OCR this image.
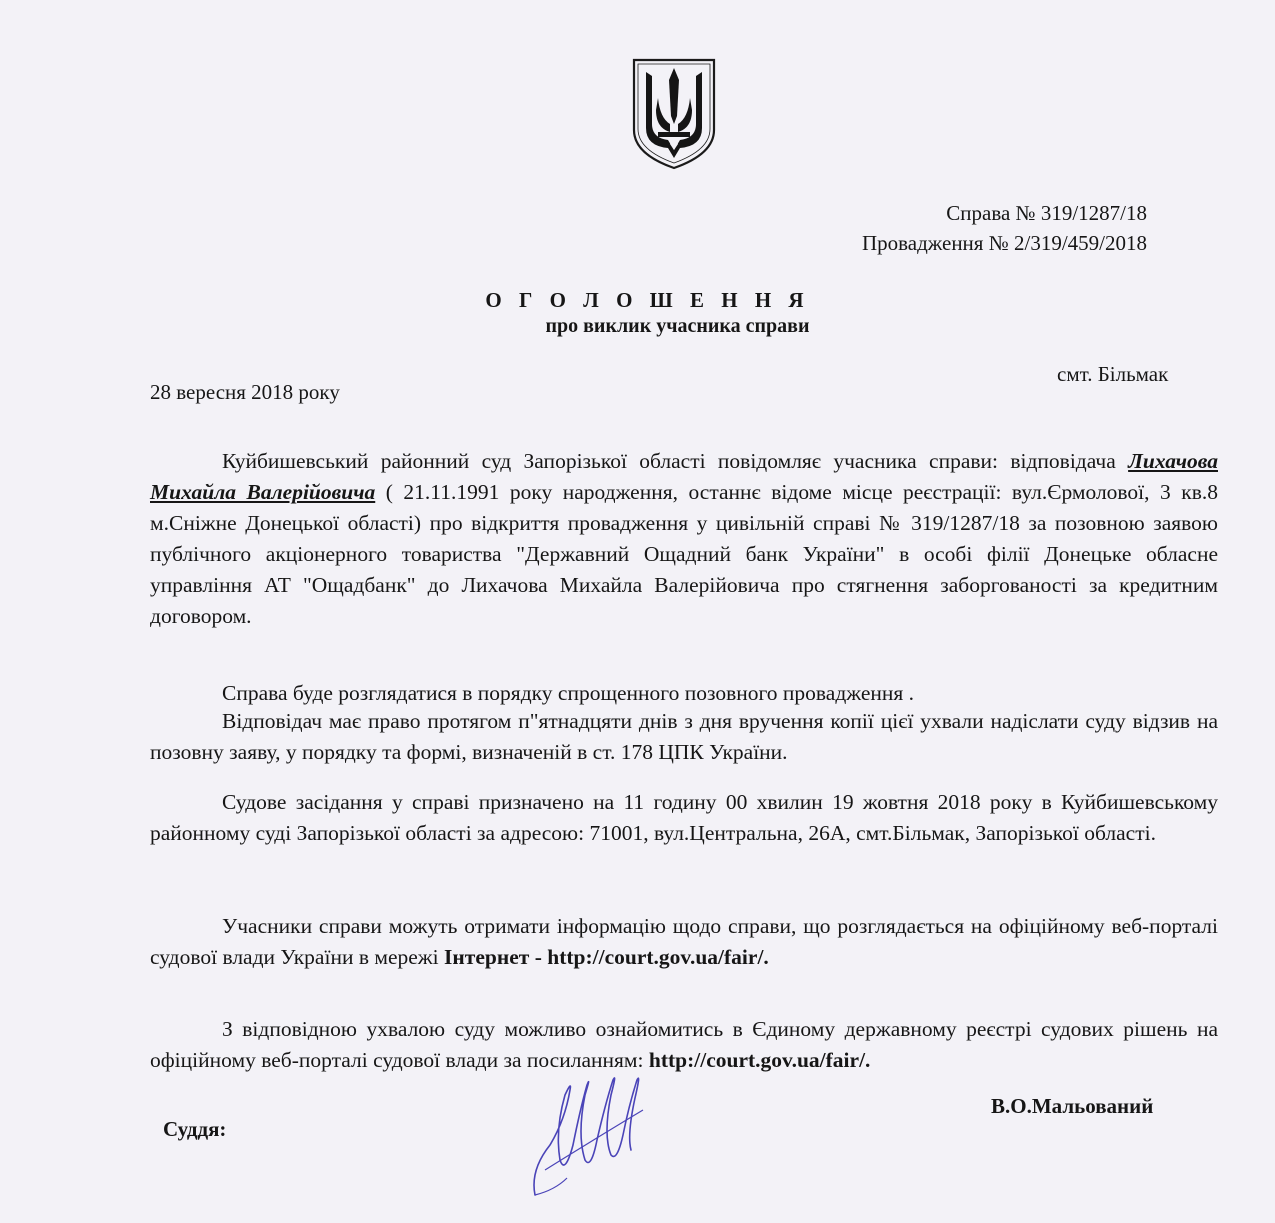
Справа № 319/1287/18
Провадження № 2/319/459/2018
О Г О Л О Ш Е Н Н Я
про виклик учасника справи
28 вересня 2018 року
смт. Більмак
Куйбишевський районний суд Запорізької області повідомляє учасника справи: відповідача Лихачова Михайла Валерійовича ( 21.11.1991 року народження, останнє відоме місце реєстрації: вул.Єрмолової, 3 кв.8 м.Сніжне Донецької області) про відкриття провадження у цивільній справі № 319/1287/18 за позовною заявою публічного акціонерного товариства "Державний Ощадний банк України" в особі філії Донецьке обласне управління АТ "Ощадбанк" до Лихачова Михайла Валерійовича про стягнення заборгованості за кредитним договором.
Справа буде розглядатися в порядку спрощенного позовного провадження .
Відповідач має право протягом п"ятнадцяти днів з дня вручення копії цієї ухвали надіслати суду відзив на позовну заяву, у порядку та формі, визначеній в ст. 178 ЦПК України.
Судове засідання у справі призначено на 11 годину 00 хвилин 19 жовтня 2018 року в Куйбишевському районному суді Запорізької області за адресою: 71001, вул.Центральна, 26А, смт.Більмак, Запорізької області.
Учасники справи можуть отримати інформацію щодо справи, що розглядається на офіційному веб-порталі судової влади України в мережі Інтернет - http://court.gov.ua/fair/.
З відповідною ухвалою суду можливо ознайомитись в Єдиному державному реєстрі судових рішень на офіційному веб-порталі судової влади за посиланням: http://court.gov.ua/fair/.
Суддя:
В.О.Мальований
